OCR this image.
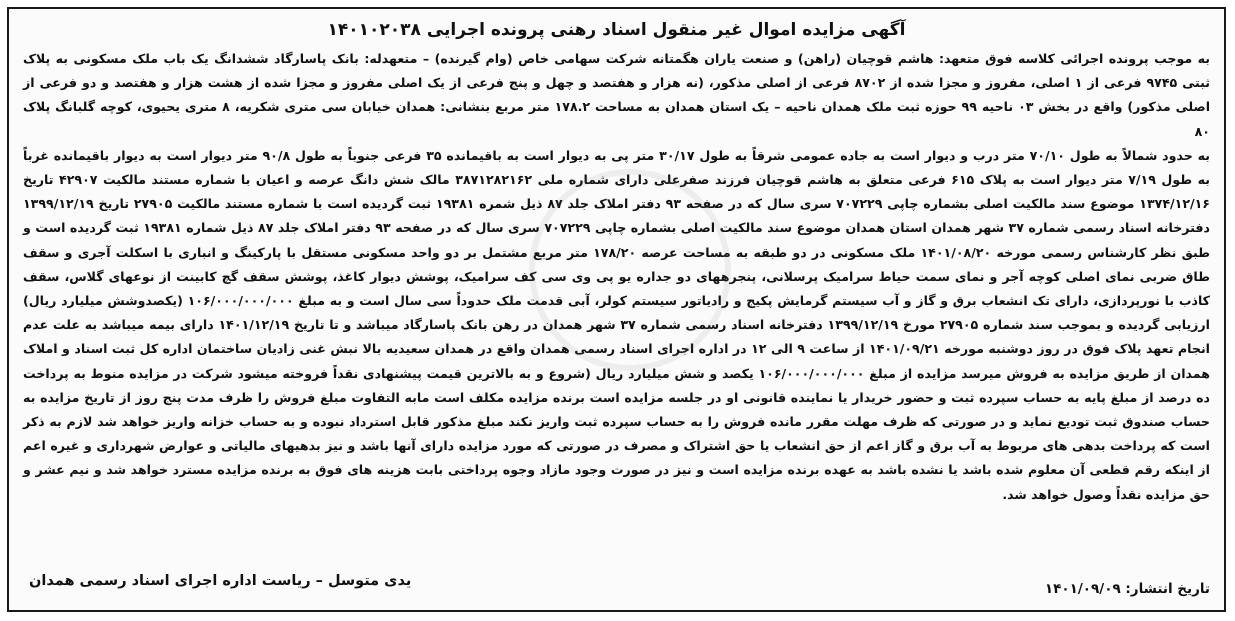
آگهی مزایده اموال غیر منقول اسناد رهنی پرونده اجرایی ۱۴۰۱۰۲۰۳۸

به موجب پرونده اجرائی کلاسه فوق متعهد: هاشم قوچیان (راهن) و صنعت یاران هگمتانه شرکت سهامی خاص (وام گیرنده) – متعهدله: بانک پاسارگاد ششدانگ یک باب ملک مسکونی به پلاک ثبتی ۹۷۴۵ فرعی از ۱ اصلی، مفروز و مجزا شده از ۸۷۰۲ فرعی از اصلی مذکور، (نه هزار و هفتصد و چهل و پنج فرعی از یک اصلی مفروز و مجزا شده از هشت هزار و هفتصد و دو فرعی از اصلی مذکور) واقع در بخش ۰۳ ناحیه ۹۹ حوزه ثبت ملک همدان ناحیه – یک استان همدان به مساحت ۱۷۸.۲ متر مربع بنشانی: همدان خیابان سی متری شکریه، ۸ متری یحیوی، کوچه گلبانگ پلاک ۸۰

به حدود شمالاً به طول ۷۰/۱۰ متر درب و دیوار است به جاده عمومی شرقاً به طول ۳۰/۱۷ متر پی به دیوار است به باقیمانده ۳۵ فرعی جنوباً به طول ۹۰/۸ متر دیوار است به دیوار باقیمانده غرباً به طول ۷/۱۹ متر دیوار است به پلاک ۶۱۵ فرعی متعلق به هاشم قوچیان فرزند صفرعلی دارای شماره ملی ۳۸۷۱۲۸۲۱۶۲ مالک شش دانگ عرصه و اعیان با شماره مستند مالکیت ۴۲۹۰۷ تاریخ ۱۳۷۴/۱۲/۱۶ موضوع سند مالکیت اصلی بشماره چاپی ۷۰۷۲۲۹ سری سال که در صفحه ۹۳ دفتر املاک جلد ۸۷ ذیل شمره ۱۹۳۸۱ ثبت گردیده است با شماره مستند مالکیت ۲۷۹۰۵ تاریخ ۱۳۹۹/۱۲/۱۹ دفترخانه اسناد رسمی شماره ۳۷ شهر همدان استان همدان موضوع سند مالکیت اصلی بشماره چاپی ۷۰۷۲۲۹ سری سال که در صفحه ۹۳ دفتر املاک جلد ۸۷ ذیل شماره ۱۹۳۸۱ ثبت گردیده است و طبق نظر کارشناس رسمی مورخه ۱۴۰۱/۰۸/۲۰ ملک مسکونی در دو طبقه به مساحت عرصه ۱۷۸/۲۰ متر مربع مشتمل بر دو واحد مسکونی مستقل با پارکینگ و انباری با اسکلت آجری و سقف طاق ضربی نمای اصلی کوچه آجر و نمای سمت حیاط سرامیک پرسلانی، پنجرههای دو جداره یو پی وی سی کف سرامیک، پوشش دیوار کاغذ، پوشش سقف گچ کابینت از نوعهای گلاس، سقف کاذب با نورپردازی، دارای تک انشعاب برق و گاز و آب سیستم گرمایش پکیج و رادیاتور سیستم کولر، آبی قدمت ملک حدوداً سی سال است و به مبلغ ۱۰۶/۰۰۰/۰۰۰/۰۰۰ (یکصدوشش میلیارد ریال) ارزیابی گردیده و بموجب سند شماره ۲۷۹۰۵ مورخ ۱۳۹۹/۱۲/۱۹ دفترخانه اسناد رسمی شماره ۳۷ شهر همدان در رهن بانک پاسارگاد میباشد و تا تاریخ ۱۴۰۱/۱۲/۱۹ دارای بیمه میباشد به علت عدم انجام تعهد پلاک فوق در روز دوشنبه مورخه ۱۴۰۱/۰۹/۲۱ از ساعت ۹ الی ۱۲ در اداره اجرای اسناد رسمی همدان واقع در همدان سعیدیه بالا نبش غنی زادیان ساختمان اداره کل ثبت اسناد و املاک همدان از طریق مزایده به فروش میرسد مزایده از مبلغ ۱۰۶/۰۰۰/۰۰۰/۰۰۰ یکصد و شش میلیارد ریال (شروع و به بالاترین قیمت پیشنهادی نقداً فروخته میشود شرکت در مزایده منوط به پرداخت ده درصد از مبلغ پایه به حساب سپرده ثبت و حضور خریدار یا نماینده قانونی او در جلسه مزایده است برنده مزایده مکلف است مابه التفاوت مبلغ فروش را ظرف مدت پنج روز از تاریخ مزایده به حساب صندوق ثبت تودیع نماید و در صورتی که ظرف مهلت مقرر مانده فروش را به حساب سپرده ثبت واریز نکند مبلغ مذکور قابل استرداد نبوده و به حساب خزانه واریز خواهد شد لازم به ذکر است که پرداخت بدهی های مربوط به آب برق و گاز اعم از حق انشعاب یا حق اشتراک و مصرف در صورتی که مورد مزایده دارای آنها باشد و نیز بدهیهای مالیاتی و عوارض شهرداری و غیره اعم از اینکه رقم قطعی آن معلوم شده باشد یا نشده باشد به عهده برنده مزایده است و نیز در صورت وجود مازاد وجوه پرداختی بابت هزینه های فوق به برنده مزایده مسترد خواهد شد و نیم عشر و حق مزایده نقداً وصول خواهد شد.

تاریخ انتشار: ۱۴۰۱/۰۹/۰۹
یدی متوسل – ریاست اداره اجرای اسناد رسمی همدان
